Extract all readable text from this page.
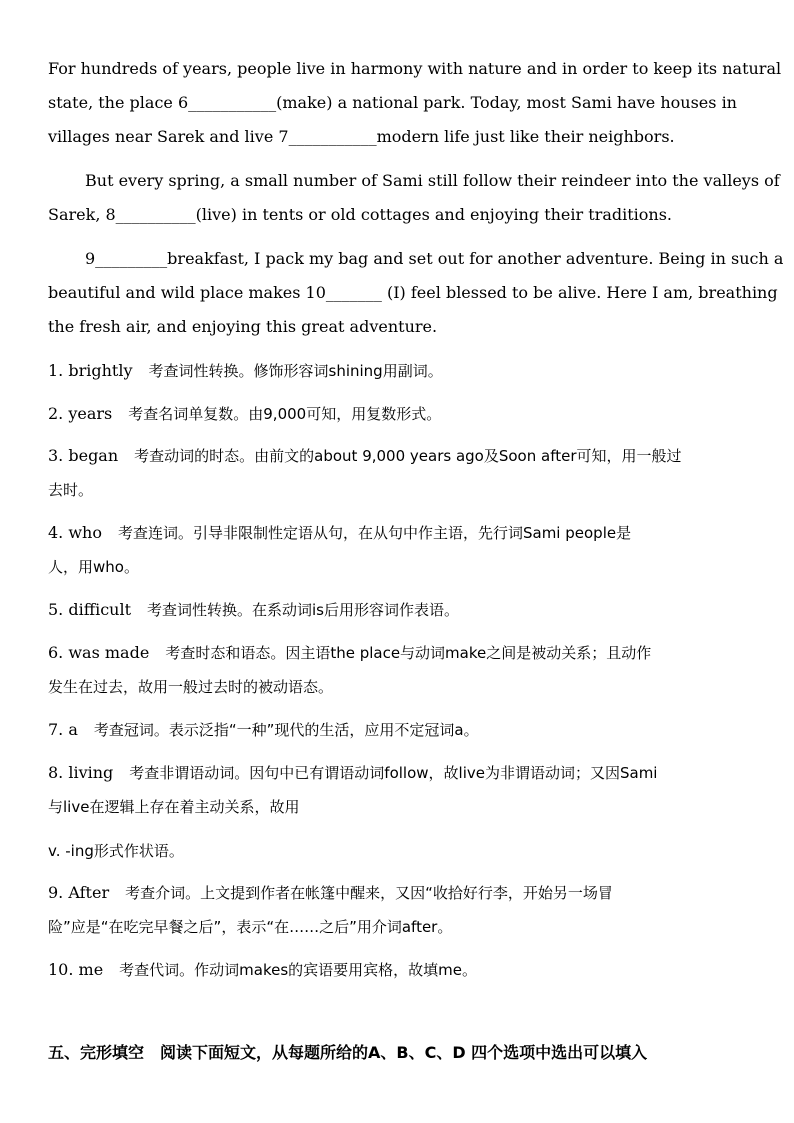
For hundreds of years, people live in harmony with nature and in order to keep its natural
state, the place 6___________(make) a national park. Today, most Sami have houses in
villages near Sarek and live 7___________modern life just like their neighbors.
But every spring, a small number of Sami still follow their reindeer into the valleys of
Sarek, 8__________(live) in tents or old cottages and enjoying their traditions.
9_________breakfast, I pack my bag and set out for another adventure. Being in such a
beautiful and wild place makes 10_______ (I) feel blessed to be alive. Here I am, breathing
the fresh air, and enjoying this great adventure.
1. brightly 考查词性转换。修饰形容词shining用副词。
2. years 考查名词单复数。由9,000可知，用复数形式。
3. began 考查动词的时态。由前文的about 9,000 years ago及Soon after可知，用一般过
去时。
4. who 考查连词。引导非限制性定语从句，在从句中作主语，先行词Sami people是
人，用who。
5. difficult 考查词性转换。在系动词is后用形容词作表语。
6. was made 考查时态和语态。因主语the place与动词make之间是被动关系；且动作
发生在过去，故用一般过去时的被动语态。
7. a 考查冠词。表示泛指“一种”现代的生活，应用不定冠词a。
8. living 考查非谓语动词。因句中已有谓语动词follow，故live为非谓语动词；又因Sami
与live在逻辑上存在着主动关系，故用
v. -ing形式作状语。
9. After 考查介词。上文提到作者在帐篷中醒来，又因“收拾好行李，开始另一场冒
险”应是“在吃完早餐之后”，表示“在……之后”用介词after。
10. me 考查代词。作动词makes的宾语要用宾格，故填me。
五、完形填空　阅读下面短文，从每题所给的A、B、C、D 四个选项中选出可以填入
